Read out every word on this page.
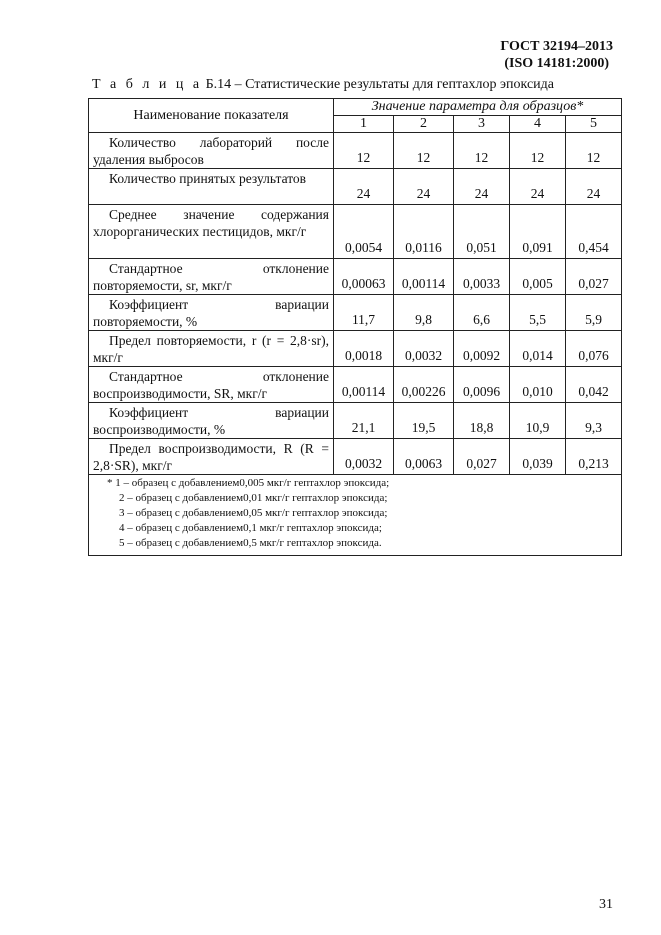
ГОСТ 32194–2013
(ISO 14181:2000)
Т а б л и ц а Б.14 – Статистические результаты для гептахлор эпоксида
Наименование показателя	Значение параметра для образцов*				
	1	2	3	4	5
Количество лабораторий после удаления выбросов	12	12	12	12	12
Количество принятых результатов	24	24	24	24	24
Среднее значение содержания хлорорганических пестицидов, мкг/г	0,0054	0,0116	0,051	0,091	0,454
Стандартное отклонение повторяемости, sr, мкг/г	0,00063	0,00114	0,0033	0,005	0,027
Коэффициент вариации повторяемости, %	11,7	9,8	6,6	5,5	5,9
Предел повторяемости, r (r = 2,8·sr), мкг/г	0,0018	0,0032	0,0092	0,014	0,076
Стандартное отклонение воспроизводимости, SR, мкг/г	0,00114	0,00226	0,0096	0,010	0,042
Коэффициент вариации воспроизводимости, %	21,1	19,5	18,8	10,9	9,3
Предел воспроизводимости, R (R = 2,8·SR), мкг/г	0,0032	0,0063	0,027	0,039	0,213

* 1 – образец с добавлением0,005 мкг/г гептахлор эпоксида;
2 – образец с добавлением0,01 мкг/г гептахлор эпоксида;
3 – образец с добавлением0,05 мкг/г гептахлор эпоксида;
4 – образец с добавлением0,1 мкг/г гептахлор эпоксида;
5 – образец с добавлением0,5 мкг/г гептахлор эпоксида.					
31
